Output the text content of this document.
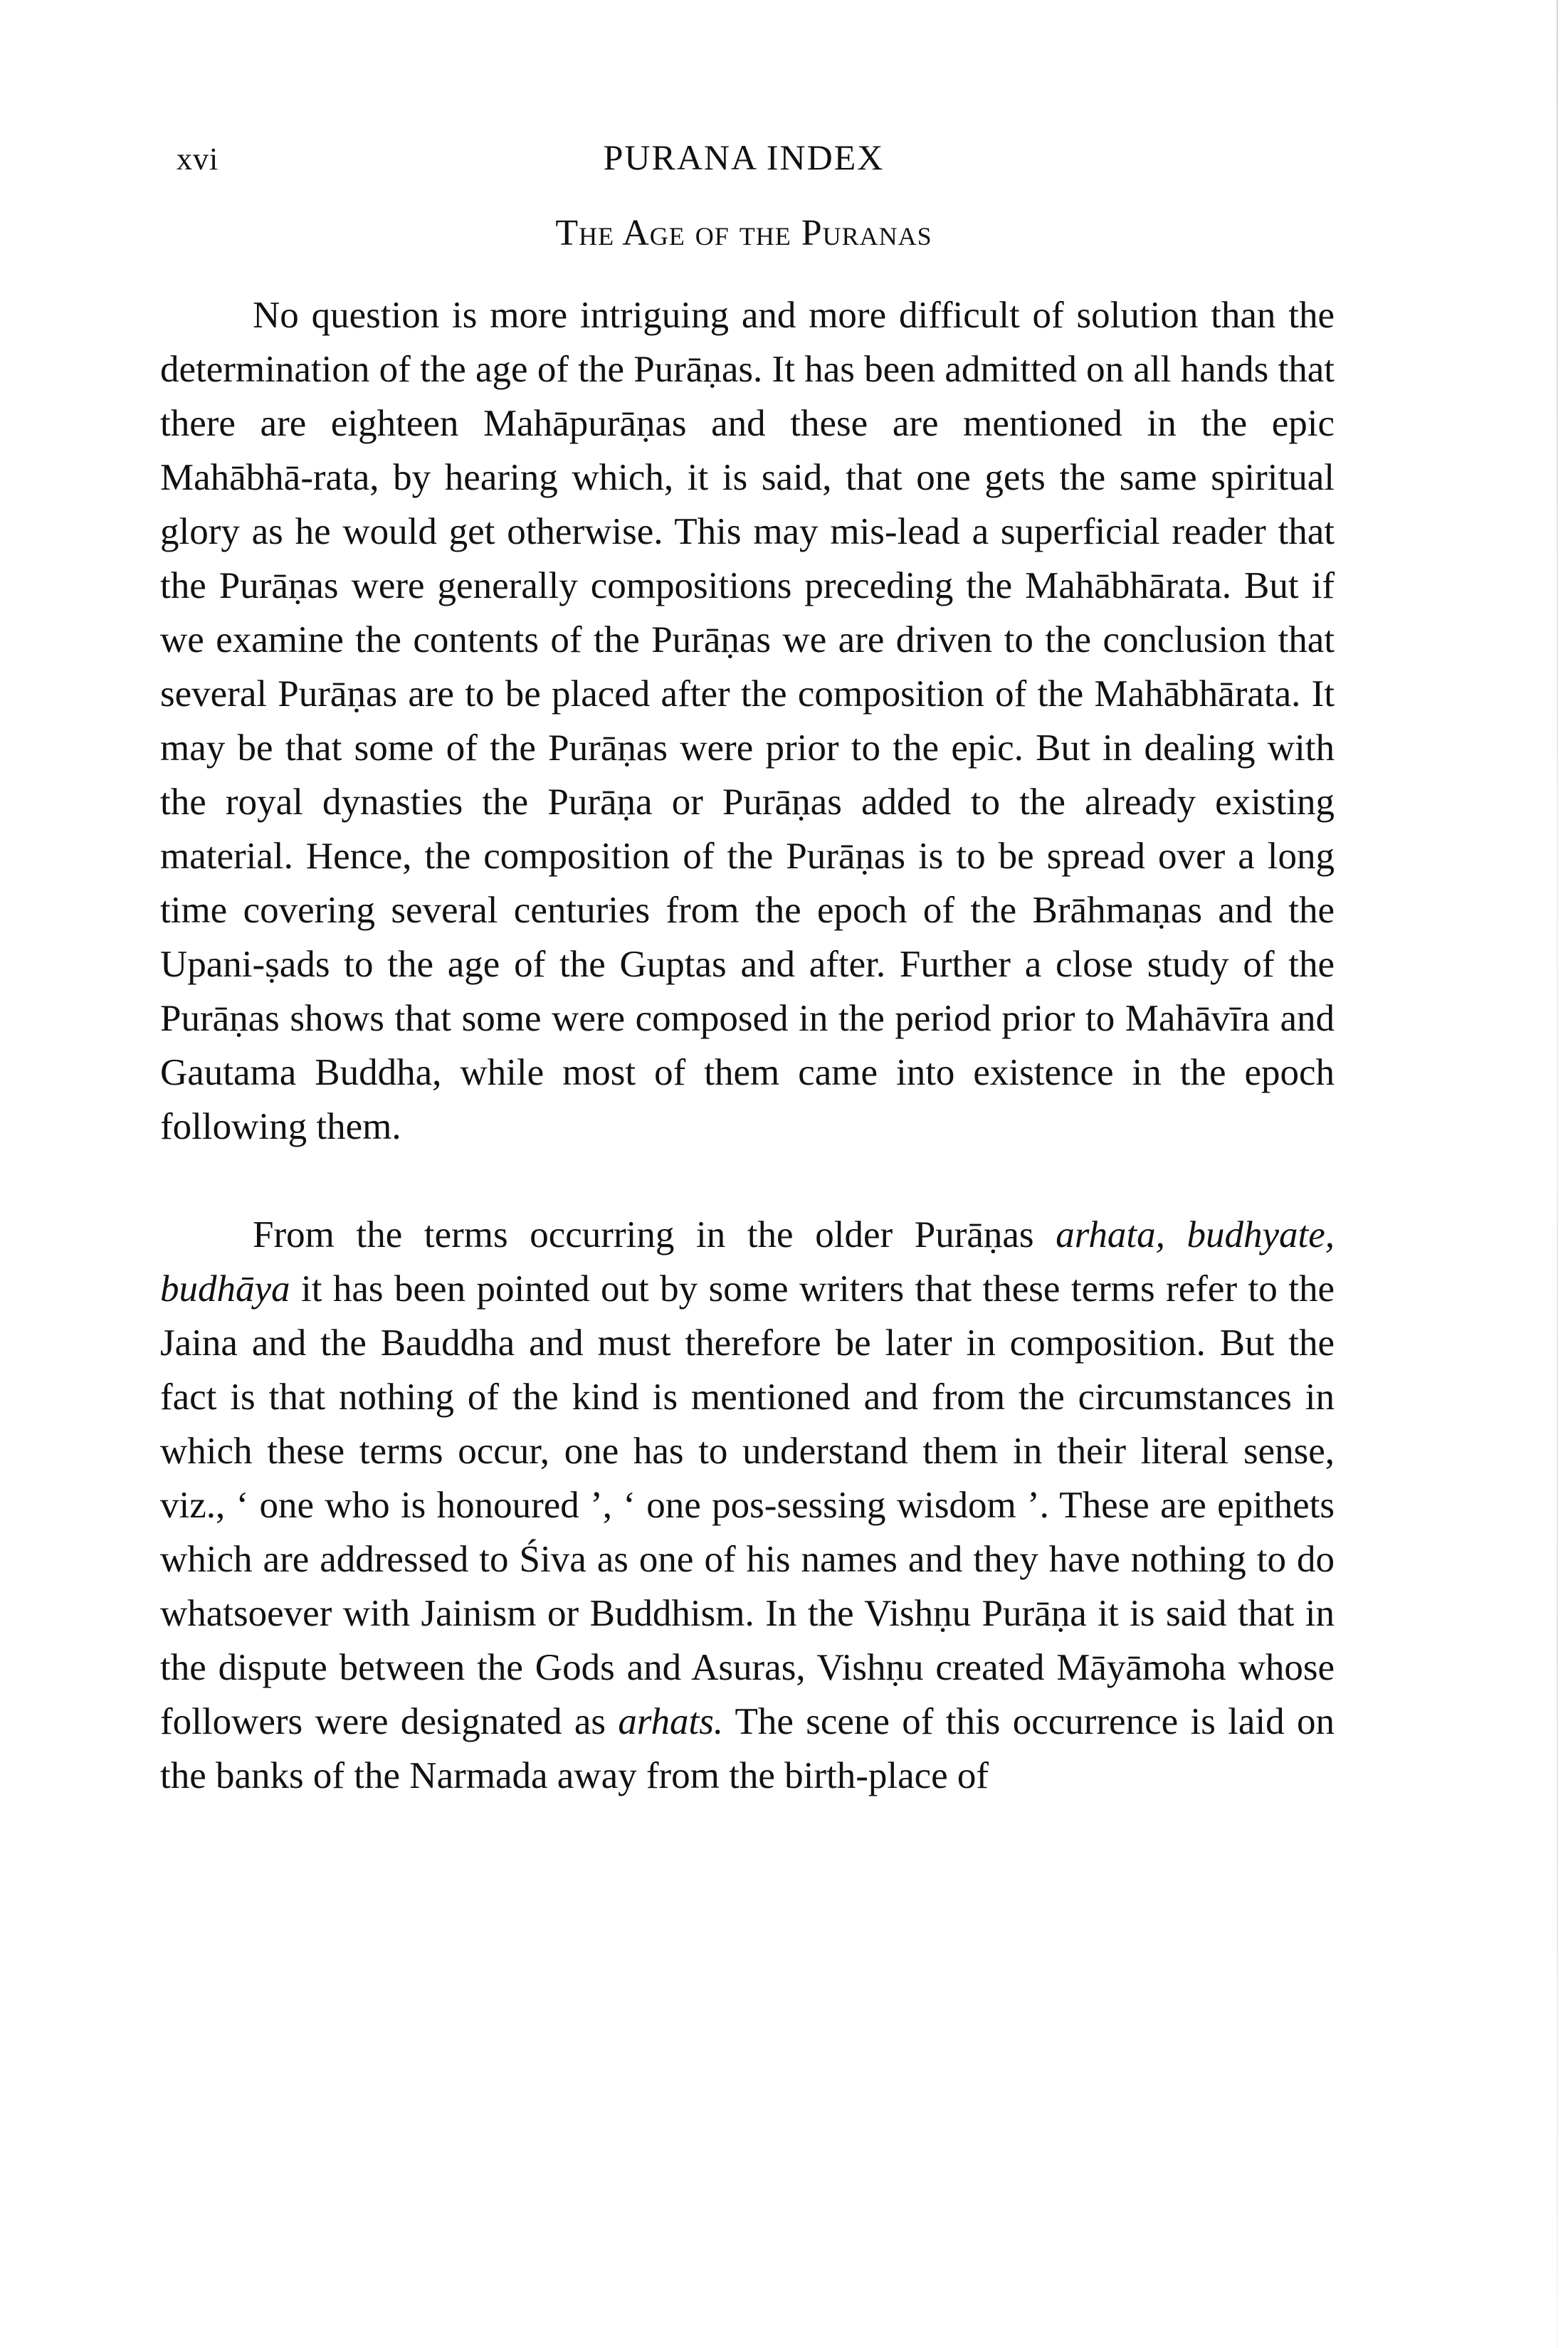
xvi	PURANA INDEX
The Age of the Puranas

No question is more intriguing and more difficult of solution than the determination of the age of the Purāṇas. It has been admitted on all hands that there are eighteen Mahāpurāṇas and these are mentioned in the epic Mahābhā-rata, by hearing which, it is said, that one gets the same spiritual glory as he would get otherwise. This may mis-lead a superficial reader that the Purāṇas were generally compositions preceding the Mahābhārata. But if we examine the contents of the Purāṇas we are driven to the conclusion that several Purāṇas are to be placed after the composition of the Mahābhārata. It may be that some of the Purāṇas were prior to the epic. But in dealing with the royal dynasties the Purāṇa or Purāṇas added to the already existing material. Hence, the composition of the Purāṇas is to be spread over a long time covering several centuries from the epoch of the Brāhmaṇas and the Upani-ṣads to the age of the Guptas and after. Further a close study of the Purāṇas shows that some were composed in the period prior to Mahāvīra and Gautama Buddha, while most of them came into existence in the epoch following them.

From the terms occurring in the older Purāṇas arhata, budhyate, budhāya it has been pointed out by some writers that these terms refer to the Jaina and the Bauddha and must therefore be later in composition. But the fact is that nothing of the kind is mentioned and from the circumstances in which these terms occur, one has to understand them in their literal sense, viz., ‘ one who is honoured ’, ‘ one pos-sessing wisdom ’. These are epithets which are addressed to Śiva as one of his names and they have nothing to do whatsoever with Jainism or Buddhism. In the Vishṇu Purāṇa it is said that in the dispute between the Gods and Asuras, Vishṇu created Māyāmoha whose followers were designated as arhats. The scene of this occurrence is laid on the banks of the Narmada away from the birth-place of
